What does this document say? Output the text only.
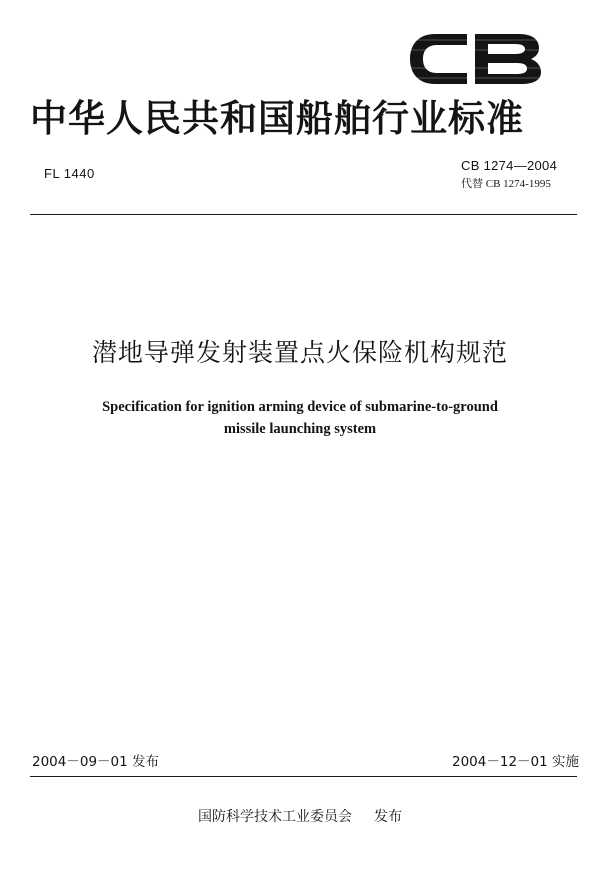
中华人民共和国船舶行业标准
FL 1440
CB 1274—2004
代替 CB 1274-1995
潜地导弹发射装置点火保险机构规范
Specification for ignition arming device of submarine-to-ground
missile launching system
2004－09－01 发布	2004－12－01 实施
国防科学技术工业委员会 发布
